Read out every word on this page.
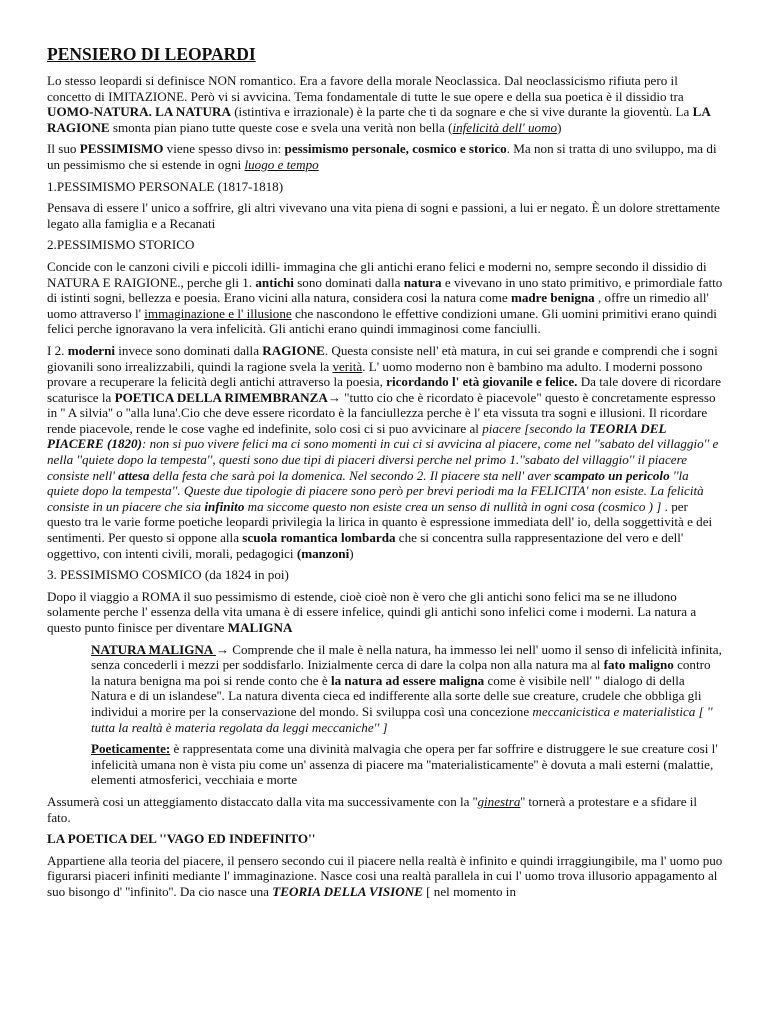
PENSIERO DI LEOPARDI
Lo stesso leopardi si definisce NON romantico. Era a favore della morale Neoclassica. Dal neoclassicismo rifiuta pero il concetto di IMITAZIONE. Però vi si avvicina. Tema fondamentale di tutte le sue opere e della sua poetica è il dissidio tra UOMO-NATURA. LA NATURA (istintiva e irrazionale) è la parte che ti da sognare e che si vive durante la gioventù. La LA RAGIONE smonta pian piano tutte queste cose e svela una verità non bella (infelicità dell' uomo)
Il suo PESSIMISMO viene spesso divso in: pessimismo personale, cosmico e storico. Ma non si tratta di uno sviluppo, ma di un pessimismo che si estende in ogni luogo e tempo
1.PESSIMISMO PERSONALE (1817-1818)
Pensava di essere l' unico a soffrire, gli altri vivevano una vita piena di sogni e passioni, a lui er negato. È un dolore strettamente legato alla famiglia e a Recanati
2.PESSIMISMO STORICO
Concide con le canzoni civili e piccoli idilli- immagina che gli antichi erano felici e moderni no, sempre secondo il dissidio di NATURA E RAIGIONE., perche gli 1. antichi sono dominati dalla natura e vivevano in uno stato primitivo, e primordiale fatto di istinti sogni, bellezza e poesia. Erano vicini alla natura, considera cosi la natura come madre benigna , offre un rimedio all' uomo attraverso l' immaginazione e l' illusione che nascondono le effettive condizioni umane. Gli uomini primitivi erano quindi felici perche ignoravano la vera infelicità. Gli antichi erano quindi immaginosi come fanciulli.
I 2. moderni invece sono dominati dalla RAGIONE. Questa consiste nell' età matura, in cui sei grande e comprendi che i sogni giovanili sono irrealizzabili, quindi la ragione svela la verità. L' uomo moderno non è bambino ma adulto. I moderni possono provare a recuperare la felicità degli antichi attraverso la poesia, ricordando l' età giovanile e felice. Da tale dovere di ricordare scaturisce la POETICA DELLA RIMEMBRANZA→ "tutto cio che è ricordato è piacevole" questo è concretamente espresso in '' A silvia'' o ''alla luna'.Cio che deve essere ricordato è la fanciullezza perche è l' eta vissuta tra sogni e illusioni. Il ricordare rende piacevole, rende le cose vaghe ed indefinite, solo cosi ci si puo avvicinare al piacere [secondo la TEORIA DEL PIACERE (1820): non si puo vivere felici ma ci sono momenti in cui ci si avvicina al piacere, come nel ''sabato del villaggio'' e nella ''quiete dopo la tempesta'', questi sono due tipi di piaceri diversi perche nel primo 1.''sabato del villaggio'' il piacere consiste nell' attesa della festa che sarà poi la domenica. Nel secondo 2. Il piacere sta nell' aver scampato un pericolo ''la quiete dopo la tempesta''. Queste due tipologie di piacere sono però per brevi periodi ma la FELICITA' non esiste. La felicità consiste in un piacere che sia infinito ma siccome questo non esiste crea un senso di nullità in ogni cosa (cosmico ) ] . per questo tra le varie forme poetiche leopardi privilegia la lirica in quanto è espressione immediata dell' io, della soggettività e dei sentimenti. Per questo si oppone alla scuola romantica lombarda che si concentra sulla rappresentazione del vero e dell' oggettivo, con intenti civili, morali, pedagogici (manzoni)
3. PESSIMISMO COSMICO (da 1824 in poi)
Dopo il viaggio a ROMA il suo pessimismo di estende, cioè cioè non è vero che gli antichi sono felici ma se ne illudono solamente perche l' essenza della vita umana è di essere infelice, quindi gli antichi sono infelici come i moderni. La natura a questo punto finisce per diventare MALIGNA
NATURA MALIGNA → Comprende che il male è nella natura, ha immesso lei nell' uomo il senso di infelicità infinita, senza concederli i mezzi per soddisfarlo. Inizialmente cerca di dare la colpa non alla natura ma al fato maligno contro la natura benigna ma poi si rende conto che è la natura ad essere maligna come è visibile nell' '' dialogo di della Natura e di un islandese''. La natura diventa cieca ed indifferente alla sorte delle sue creature, crudele che obbliga gli individui a morire per la conservazione del mondo. Si sviluppa così una concezione meccanicistica e materialistica [ '' tutta la realtà è materia regolata da leggi meccaniche'' ]
Poeticamente: è rappresentata come una divinità malvagia che opera per far soffrire e distruggere le sue creature cosi l' infelicità umana non è vista piu come un' assenza di piacere ma ''materialisticamente'' è dovuta a mali esterni (malattie, elementi atmosferici, vecchiaia e morte
Assumerà cosi un atteggiamento distaccato dalla vita ma successivamente con la ''ginestra'' tornerà a protestare e a sfidare il fato.
LA POETICA DEL ''VAGO ED INDEFINITO''
Appartiene alla teoria del piacere, il pensero secondo cui il piacere nella realtà è infinito e quindi irraggiungibile, ma l' uomo puo figurarsi piaceri infiniti mediante l' immaginazione. Nasce cosi una realtà parallela in cui l' uomo trova illusorio appagamento al suo bisongo d' ''infinito''. Da cio nasce una TEORIA DELLA VISIONE [ nel momento in
